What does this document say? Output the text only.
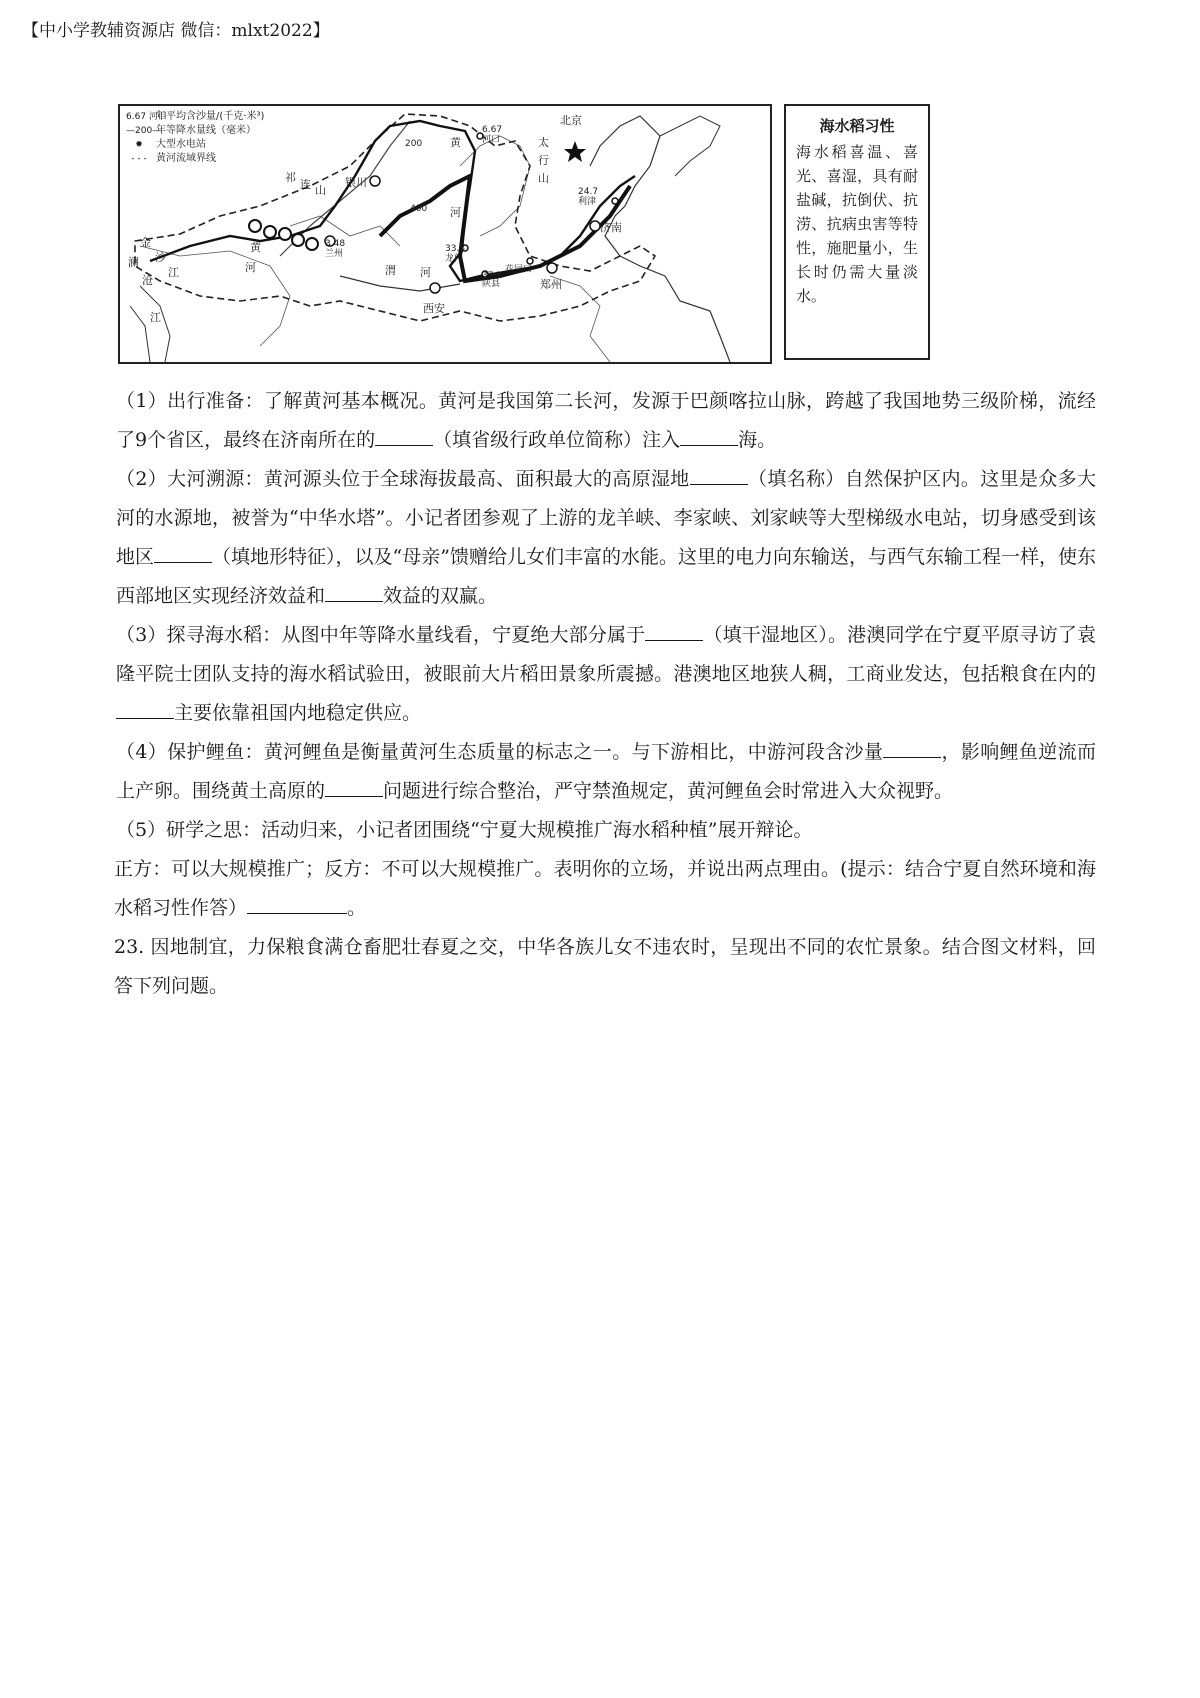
【中小学教辅资源店 微信：mlxt2022】
北京
银川
兰州
3.48
西安
郑州
济南
龙门
33.3
河口
6.67
利津
24.7
花园口
陕县
37.7
200
400
黄
河
黄
河	渭 河
祁
连 山
太
行
山
金
沙
江
澜
沧
江
6.67 河口
年平均含沙量/(千克·米³)
—200—
年等降水量线（毫米）
✹	大型水电站
- - - 黄河流域界线
海水稻习性
海水稻喜温、喜光、喜湿，具有耐盐碱，抗倒伏、抗涝、抗病虫害等特性，施肥量小，生长时仍需大量淡水。

（1）出行准备：了解黄河基本概况。黄河是我国第二长河，发源于巴颜喀拉山脉，跨越了我国地势三级阶梯，流经了9个省区，最终在济南所在的	（填省级行政单位简称）注入	海。

（2）大河溯源：黄河源头位于全球海拔最高、面积最大的高原湿地	（填名称）自然保护区内。这里是众多大河的水源地，被誉为“中华水塔”。小记者团参观了上游的龙羊峡、李家峡、刘家峡等大型梯级水电站，切身感受到该地区	（填地形特征），以及“母亲”馈赠给儿女们丰富的水能。这里的电力向东输送，与西气东输工程一样，使东西部地区实现经济效益和	效益的双赢。

（3）探寻海水稻：从图中年等降水量线看，宁夏绝大部分属于	（填干湿地区）。港澳同学在宁夏平原寻访了袁隆平院士团队支持的海水稻试验田，被眼前大片稻田景象所震撼。港澳地区地狭人稠，工商业发达，包括粮食在内的主要依靠祖国内地稳定供应。

（4）保护鲤鱼：黄河鲤鱼是衡量黄河生态质量的标志之一。与下游相比，中游河段含沙量	，影响鲤鱼逆流而上产卵。围绕黄土高原的	问题进行综合整治，严守禁渔规定，黄河鲤鱼会时常进入大众视野。

（5）研学之思：活动归来，小记者团围绕“宁夏大规模推广海水稻种植”展开辩论。

正方：可以大规模推广；反方：不可以大规模推广。表明你的立场，并说出两点理由。(提示：结合宁夏自然环境和海水稻习性作答）	。

23. 因地制宜，力保粮食满仓畜肥壮春夏之交，中华各族儿女不违农时，呈现出不同的农忙景象。结合图文材料，回答下列问题。
